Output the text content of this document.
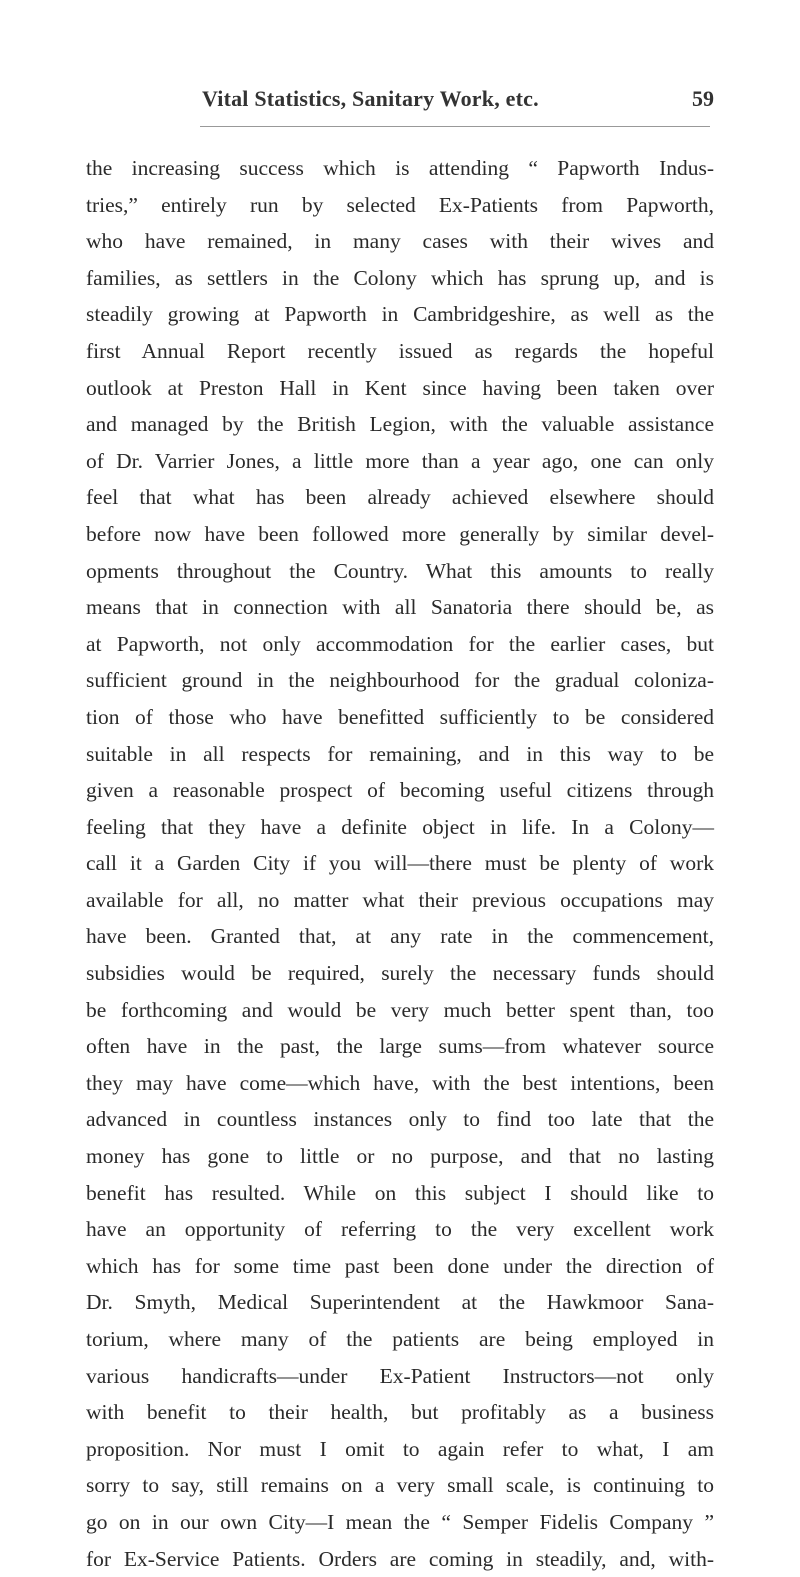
Vital Statistics, Sanitary Work, etc.	59
the increasing success which is attending “ Papworth Indus-
tries,” entirely run by selected Ex-Patients from Papworth,
who have remained, in many cases with their wives and
families, as settlers in the Colony which has sprung up, and is
steadily growing at Papworth in Cambridgeshire, as well as the
first Annual Report recently issued as regards the hopeful
outlook at Preston Hall in Kent since having been taken over
and managed by the British Legion, with the valuable assistance
of Dr. Varrier Jones, a little more than a year ago, one can only
feel that what has been already achieved elsewhere should
before now have been followed more generally by similar devel-
opments throughout the Country. What this amounts to really
means that in connection with all Sanatoria there should be, as
at Papworth, not only accommodation for the earlier cases, but
sufficient ground in the neighbourhood for the gradual coloniza-
tion of those who have benefitted sufficiently to be considered
suitable in all respects for remaining, and in this way to be
given a reasonable prospect of becoming useful citizens through
feeling that they have a definite object in life. In a Colony—
call it a Garden City if you will—there must be plenty of work
available for all, no matter what their previous occupations may
have been. Granted that, at any rate in the commencement,
subsidies would be required, surely the necessary funds should
be forthcoming and would be very much better spent than, too
often have in the past, the large sums—from whatever source
they may have come—which have, with the best intentions, been
advanced in countless instances only to find too late that the
money has gone to little or no purpose, and that no lasting
benefit has resulted. While on this subject I should like to
have an opportunity of referring to the very excellent work
which has for some time past been done under the direction of
Dr. Smyth, Medical Superintendent at the Hawkmoor Sana-
torium, where many of the patients are being employed in
various handicrafts—under Ex-Patient Instructors—not only
with benefit to their health, but profitably as a business
proposition. Nor must I omit to again refer to what, I am
sorry to say, still remains on a very small scale, is continuing to
go on in our own City—I mean the “ Semper Fidelis Company ”
for Ex-Service Patients. Orders are coming in steadily, and, with-
